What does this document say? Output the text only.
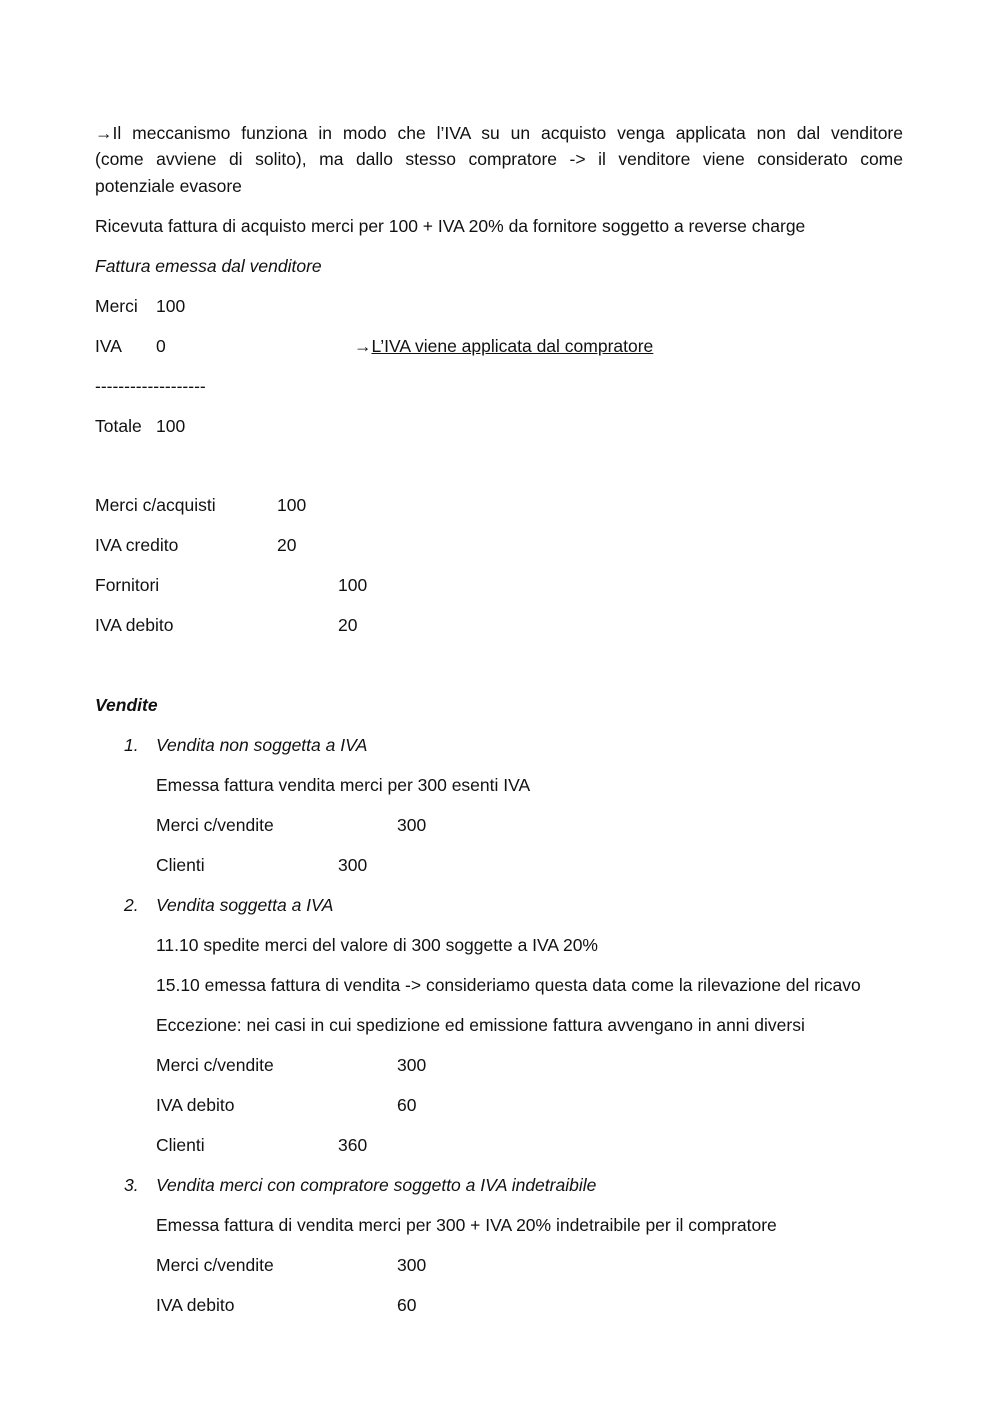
→Il meccanismo funziona in modo che l’IVA su un acquisto venga applicata non dal venditore
(come avviene di solito), ma dallo stesso compratore -> il venditore viene considerato come
potenziale evasore
Ricevuta fattura di acquisto merci per 100 + IVA 20% da fornitore soggetto a reverse charge
Fattura emessa dal venditore
Merci 100
IVA 0	→L’IVA viene applicata dal compratore
-------------------
Totale 100
Merci c/acquisti	100
IVA credito	20
Fornitori	100
IVA debito	20
Vendite
1. Vendita non soggetta a IVA
Emessa fattura vendita merci per 300 esenti IVA
Merci c/vendite	300
Clienti	300
2. Vendita soggetta a IVA
11.10 spedite merci del valore di 300 soggette a IVA 20%
15.10 emessa fattura di vendita -> consideriamo questa data come la rilevazione del ricavo
Eccezione: nei casi in cui spedizione ed emissione fattura avvengano in anni diversi
Merci c/vendite	300
IVA debito	60
Clienti	360
3. Vendita merci con compratore soggetto a IVA indetraibile
Emessa fattura di vendita merci per 300 + IVA 20% indetraibile per il compratore
Merci c/vendite	300
IVA debito	60
